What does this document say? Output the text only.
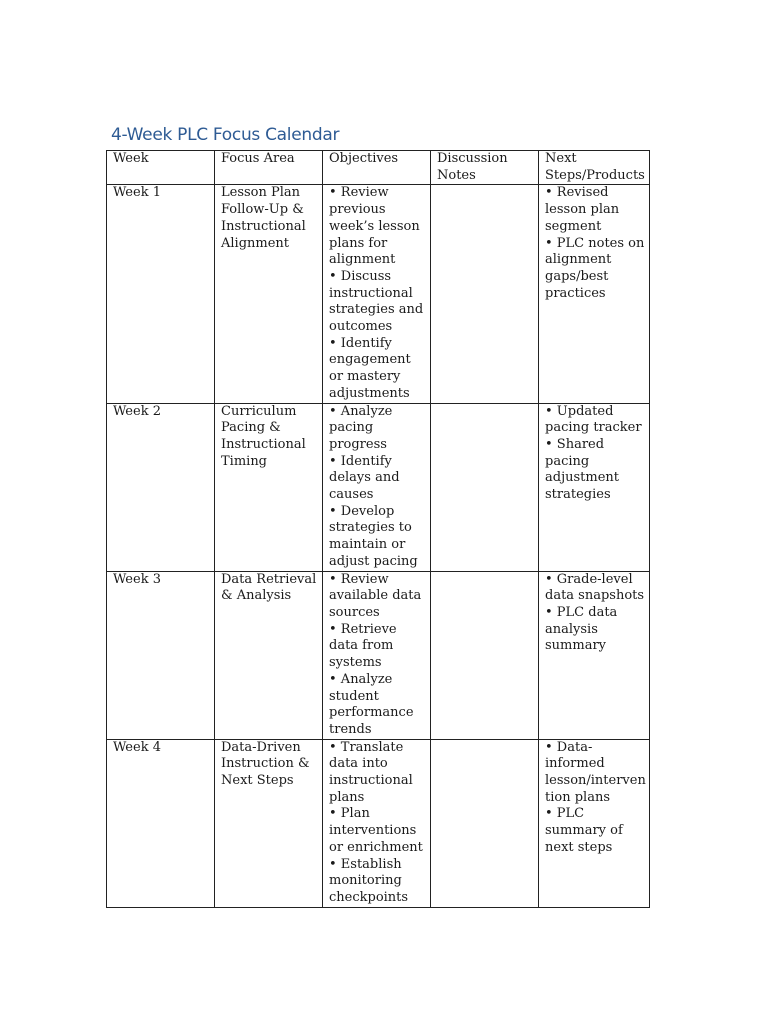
4-Week PLC Focus Calendar
Week	Focus Area	Objectives	Discussion Notes	Next Steps/Products
Week 1	Lesson Plan Follow-Up & Instructional Alignment	• Review previous week’s lesson plans for alignment
• Discuss instructional strategies and outcomes
• Identify engagement or mastery adjustments		• Revised lesson plan segment
• PLC notes on alignment gaps/best practices

Week 2	Curriculum Pacing & Instructional Timing	• Analyze pacing progress
• Identify delays and causes
• Develop strategies to maintain or adjust pacing		• Updated pacing tracker
• Shared pacing adjustment strategies

Week 3	Data Retrieval & Analysis	• Review available data sources
• Retrieve data from systems
• Analyze student performance trends		• Grade-level data snapshots
• PLC data analysis summary

Week 4	Data-Driven Instruction & Next Steps	• Translate data into instructional plans
• Plan interventions or enrichment
• Establish monitoring checkpoints		• Data-informed lesson/intervention plans
• PLC summary of next steps
